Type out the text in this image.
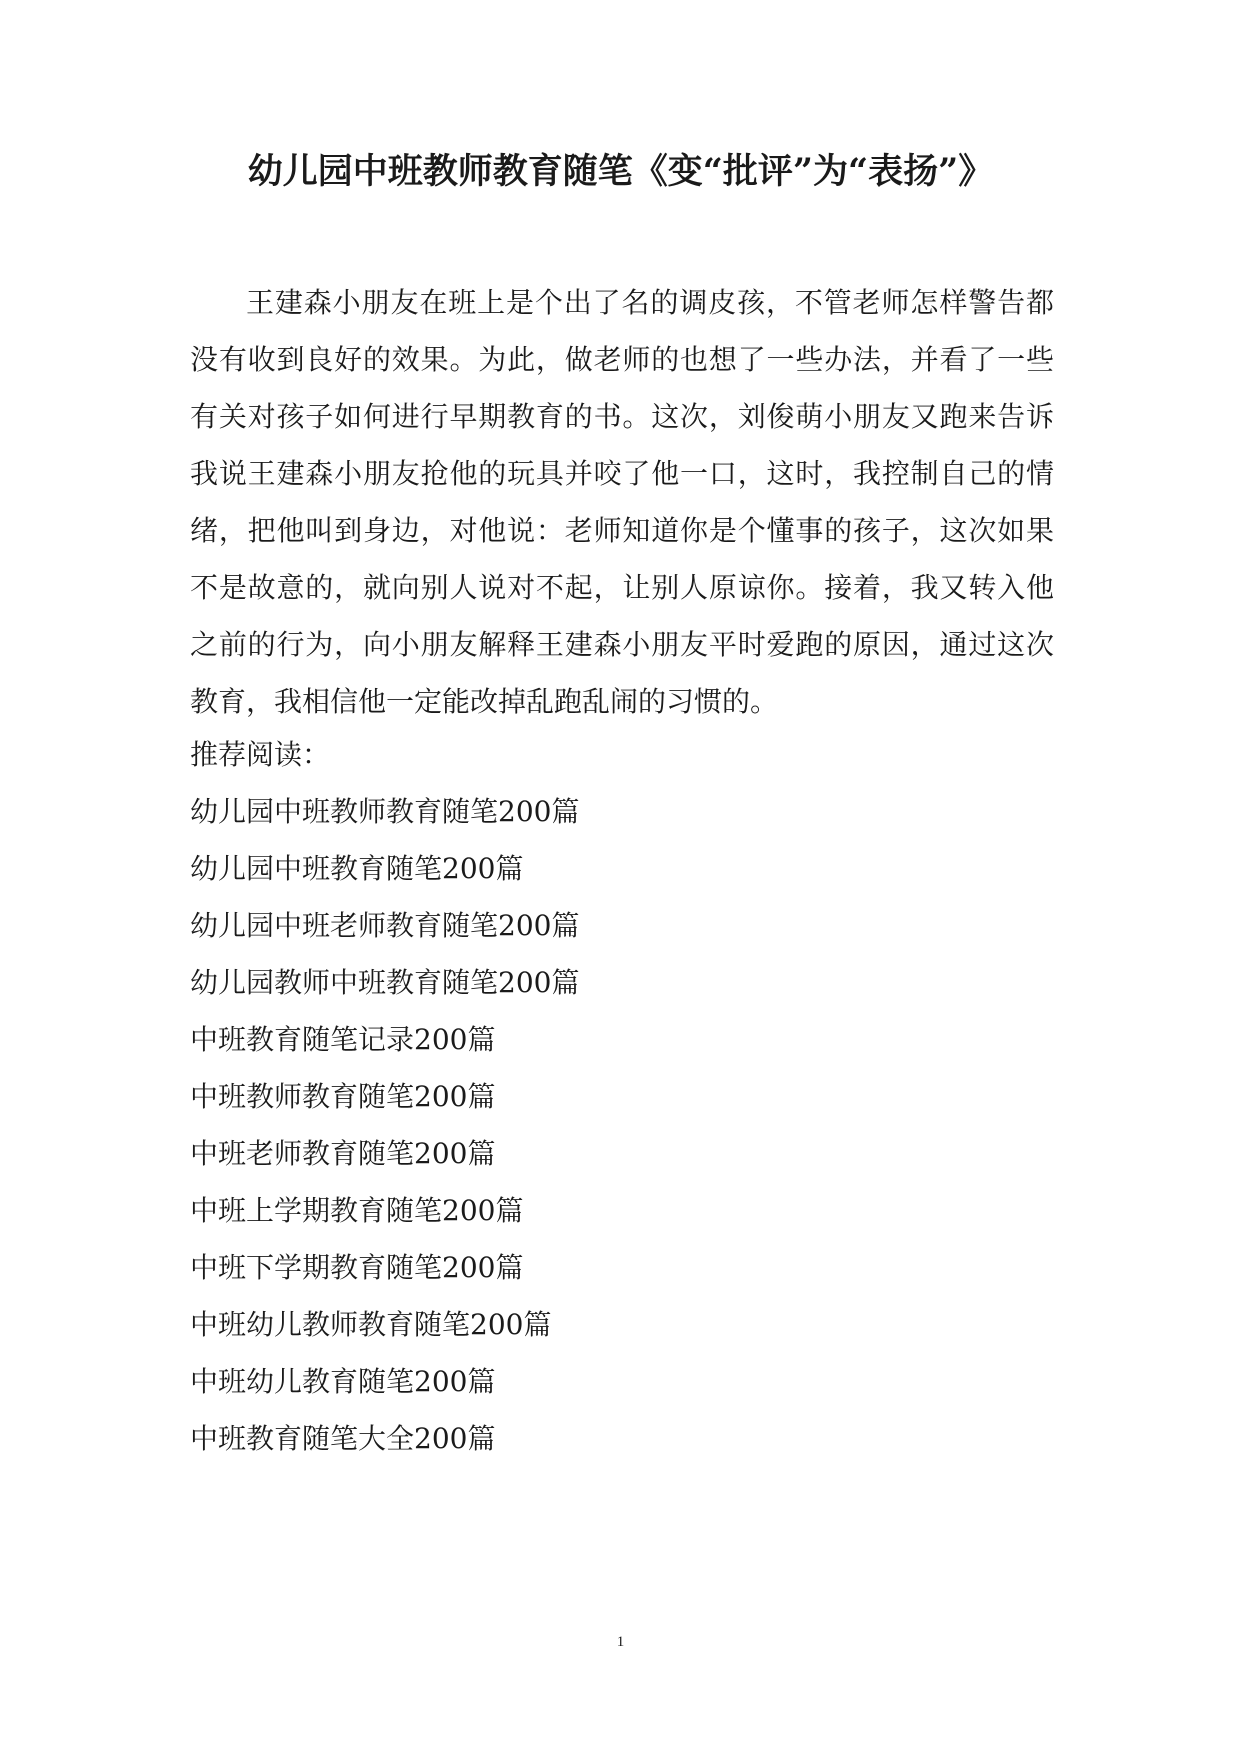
幼儿园中班教师教育随笔《变“批评”为“表扬”》

王建森小朋友在班上是个出了名的调皮孩，不管老师怎样警告都没有收到良好的效果。为此，做老师的也想了一些办法，并看了一些有关对孩子如何进行早期教育的书。这次，刘俊萌小朋友又跑来告诉我说王建森小朋友抢他的玩具并咬了他一口，这时，我控制自己的情绪，把他叫到身边，对他说：老师知道你是个懂事的孩子，这次如果不是故意的，就向别人说对不起，让别人原谅你。接着，我又转入他之前的行为，向小朋友解释王建森小朋友平时爱跑的原因，通过这次教育，我相信他一定能改掉乱跑乱闹的习惯的。

推荐阅读：
幼儿园中班教师教育随笔200篇
幼儿园中班教育随笔200篇
幼儿园中班老师教育随笔200篇
幼儿园教师中班教育随笔200篇
中班教育随笔记录200篇
中班教师教育随笔200篇
中班老师教育随笔200篇
中班上学期教育随笔200篇
中班下学期教育随笔200篇
中班幼儿教师教育随笔200篇
中班幼儿教育随笔200篇
中班教育随笔大全200篇
1
